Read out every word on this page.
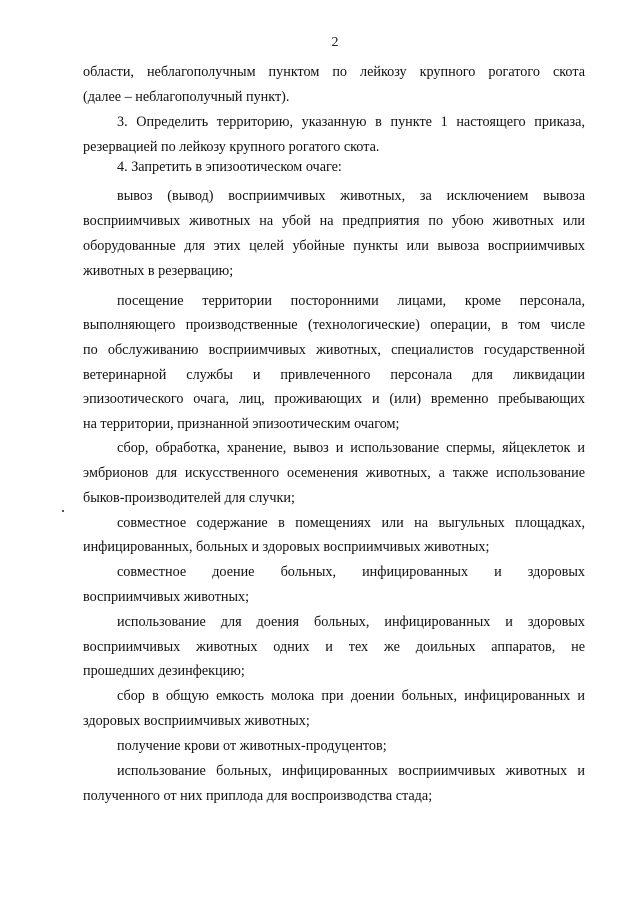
2
области, неблагополучным пунктом по лейкозу крупного рогатого скота
(далее – неблагополучный пункт).
3. Определить территорию, указанную в пункте 1 настоящего приказа,
резервацией по лейкозу крупного рогатого скота.
4. Запретить в эпизоотическом очаге:
вывоз (вывод) восприимчивых животных, за исключением вывоза
восприимчивых животных на убой на предприятия по убою животных или
оборудованные для этих целей убойные пункты или вывоза восприимчивых
животных в резервацию;
посещение территории посторонними лицами, кроме персонала,
выполняющего производственные (технологические) операции, в том числе
по обслуживанию восприимчивых животных, специалистов государственной
ветеринарной службы и привлеченного персонала для ликвидации
эпизоотического очага, лиц, проживающих и (или) временно пребывающих
на территории, признанной эпизоотическим очагом;
сбор, обработка, хранение, вывоз и использование спермы, яйцеклеток и
эмбрионов для искусственного осеменения животных, а также использование
быков-производителей для случки;
совместное содержание в помещениях или на выгульных площадках,
инфицированных, больных и здоровых восприимчивых животных;
совместное доение больных, инфицированных и здоровых
восприимчивых животных;
использование для доения больных, инфицированных и здоровых
восприимчивых животных одних и тех же доильных аппаратов, не
прошедших дезинфекцию;
сбор в общую емкость молока при доении больных, инфицированных и
здоровых восприимчивых животных;
получение крови от животных-продуцентов;
использование больных, инфицированных восприимчивых животных и
полученного от них приплода для воспроизводства стада;
